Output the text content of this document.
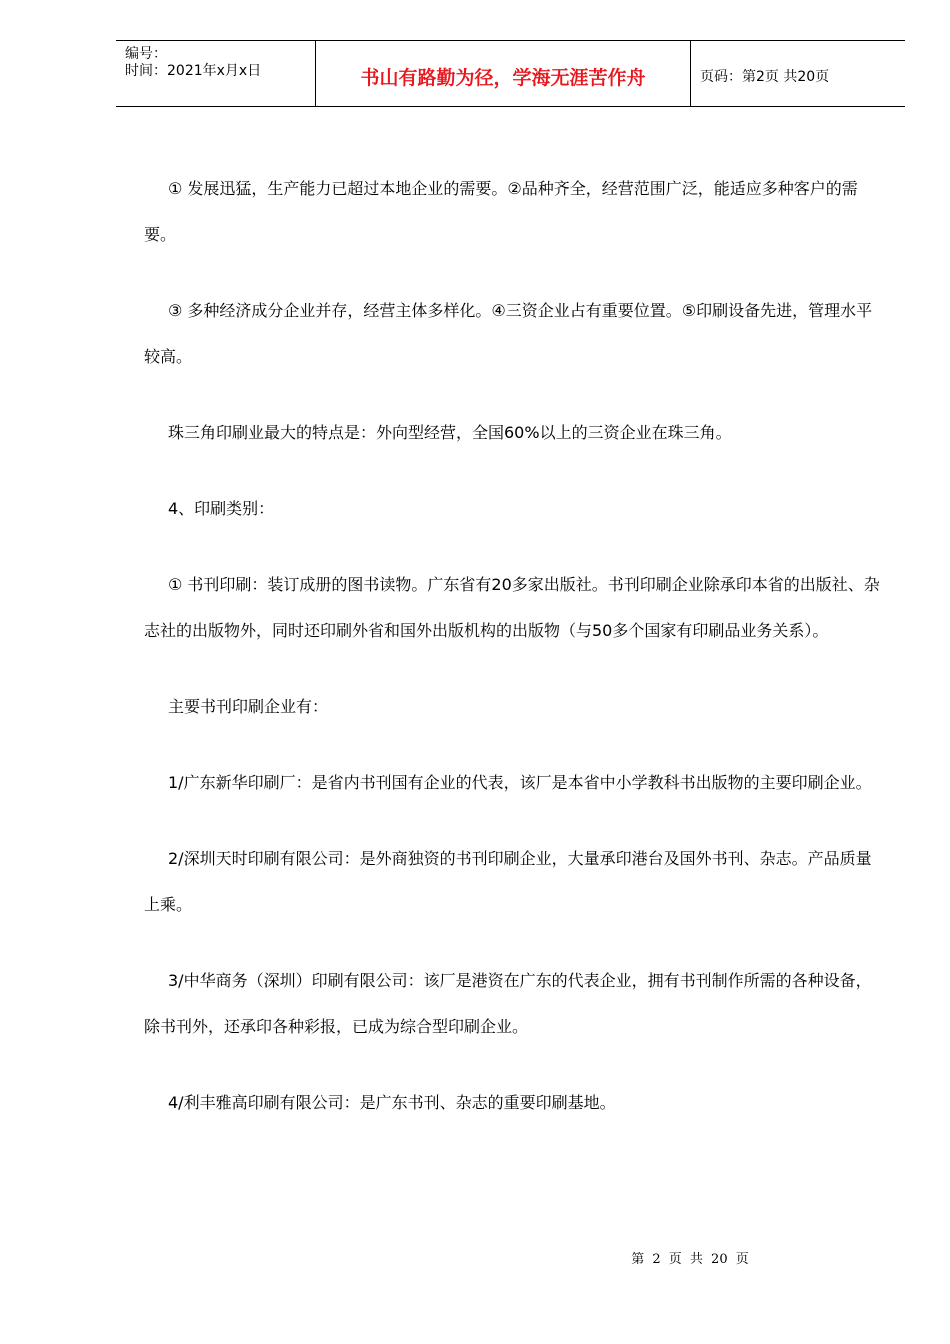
编号：
时间：2021年x月x日	书山有路勤为径，学海无涯苦作舟	页码：第2页 共20页

① 发展迅猛，生产能力已超过本地企业的需要。②品种齐全，经营范围广泛，能适应多种客户的需要。

③ 多种经济成分企业并存，经营主体多样化。④三资企业占有重要位置。⑤印刷设备先进，管理水平较高。

珠三角印刷业最大的特点是：外向型经营，全国60%以上的三资企业在珠三角。

4、印刷类别：

① 书刊印刷：装订成册的图书读物。广东省有20多家出版社。书刊印刷企业除承印本省的出版社、杂志社的出版物外，同时还印刷外省和国外出版机构的出版物（与50多个国家有印刷品业务关系）。

主要书刊印刷企业有：

1/广东新华印刷厂：是省内书刊国有企业的代表，该厂是本省中小学教科书出版物的主要印刷企业。

2/深圳天时印刷有限公司：是外商独资的书刊印刷企业，大量承印港台及国外书刊、杂志。产品质量上乘。

3/中华商务（深圳）印刷有限公司：该厂是港资在广东的代表企业，拥有书刊制作所需的各种设备，除书刊外，还承印各种彩报，已成为综合型印刷企业。

4/利丰雅高印刷有限公司：是广东书刊、杂志的重要印刷基地。

第 2 页 共 20 页
